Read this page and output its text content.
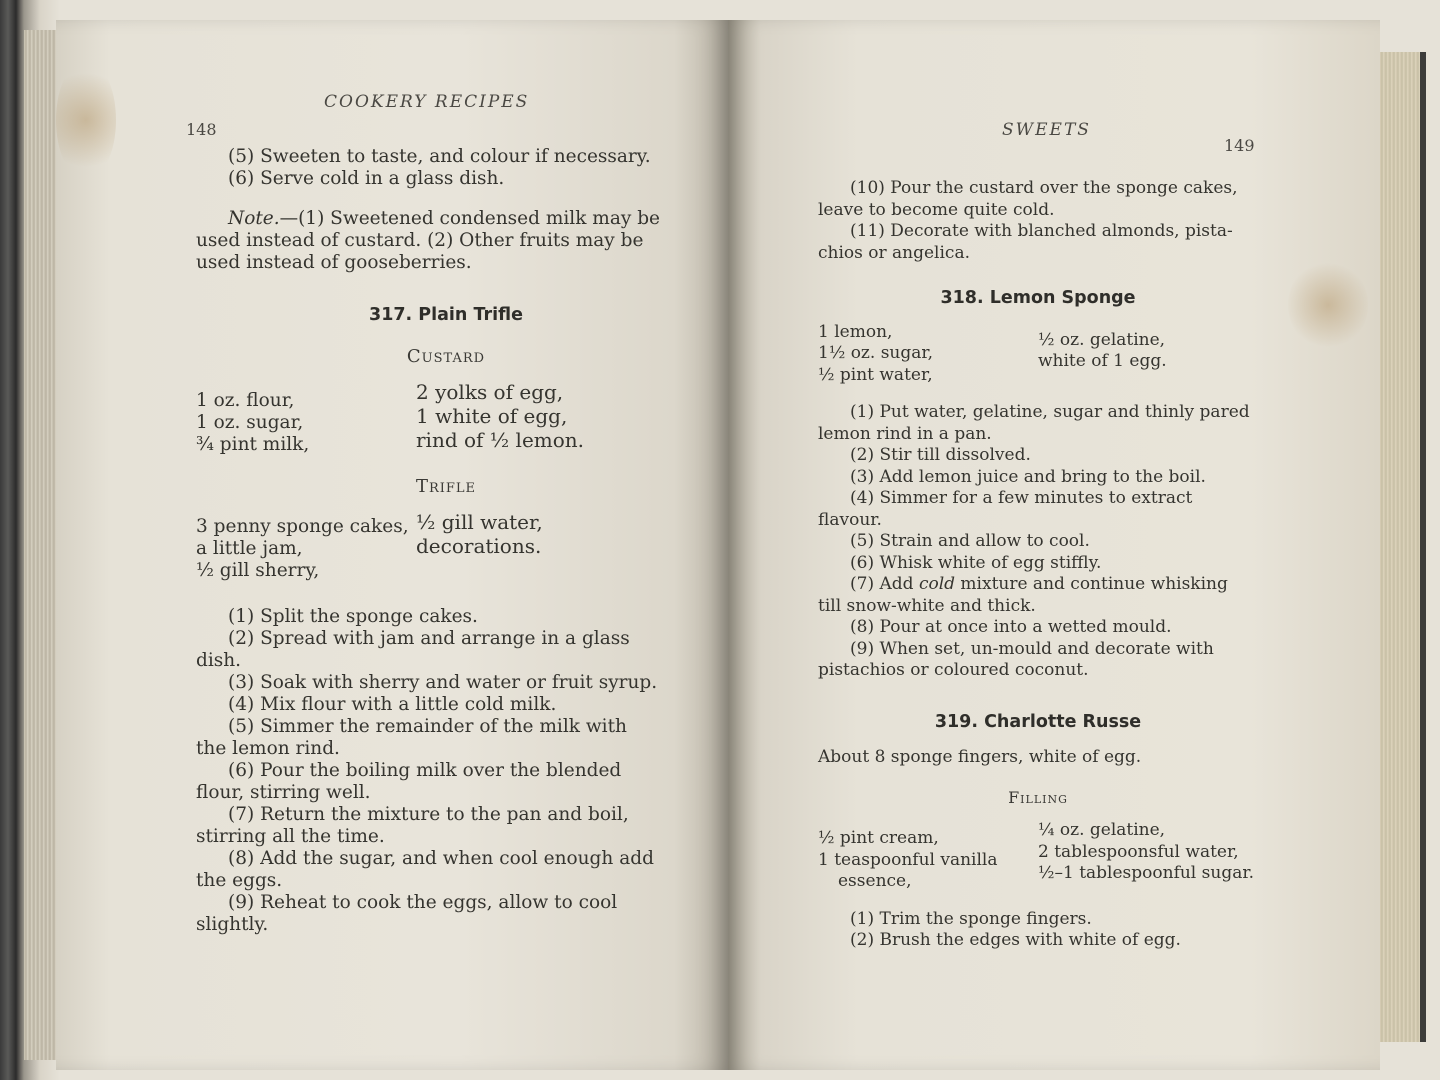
148
COOKERY RECIPES
(5) Sweeten to taste, and colour if necessary.
(6) Serve cold in a glass dish.
Note.—(1) Sweetened condensed milk may be
used instead of custard. (2) Other fruits may be
used instead of gooseberries.
317. Plain Trifle
Custard
1 oz. flour,
1 oz. sugar,
¾ pint milk,
2 yolks of egg,
1 white of egg,
rind of ½ lemon.
Trifle
3 penny sponge cakes,
a little jam,
½ gill sherry,
½ gill water,
decorations.
(1) Split the sponge cakes.
(2) Spread with jam and arrange in a glass
dish.
(3) Soak with sherry and water or fruit syrup.
(4) Mix flour with a little cold milk.
(5) Simmer the remainder of the milk with
the lemon rind.
(6) Pour the boiling milk over the blended
flour, stirring well.
(7) Return the mixture to the pan and boil,
stirring all the time.
(8) Add the sugar, and when cool enough add
the eggs.
(9) Reheat to cook the eggs, allow to cool
slightly.
SWEETS
149
(10) Pour the custard over the sponge cakes,
leave to become quite cold.
(11) Decorate with blanched almonds, pista-
chios or angelica.
318. Lemon Sponge
1 lemon,
1½ oz. sugar,
½ pint water,
½ oz. gelatine,
white of 1 egg.
(1) Put water, gelatine, sugar and thinly pared
lemon rind in a pan.
(2) Stir till dissolved.
(3) Add lemon juice and bring to the boil.
(4) Simmer for a few minutes to extract
flavour.
(5) Strain and allow to cool.
(6) Whisk white of egg stiffly.
(7) Add cold mixture and continue whisking
till snow-white and thick.
(8) Pour at once into a wetted mould.
(9) When set, un-mould and decorate with
pistachios or coloured coconut.
319. Charlotte Russe
About 8 sponge fingers, white of egg.
Filling
½ pint cream,
1 teaspoonful vanilla
essence,
¼ oz. gelatine,
2 tablespoonsful water,
½–1 tablespoonful sugar.
(1) Trim the sponge fingers.
(2) Brush the edges with white of egg.
